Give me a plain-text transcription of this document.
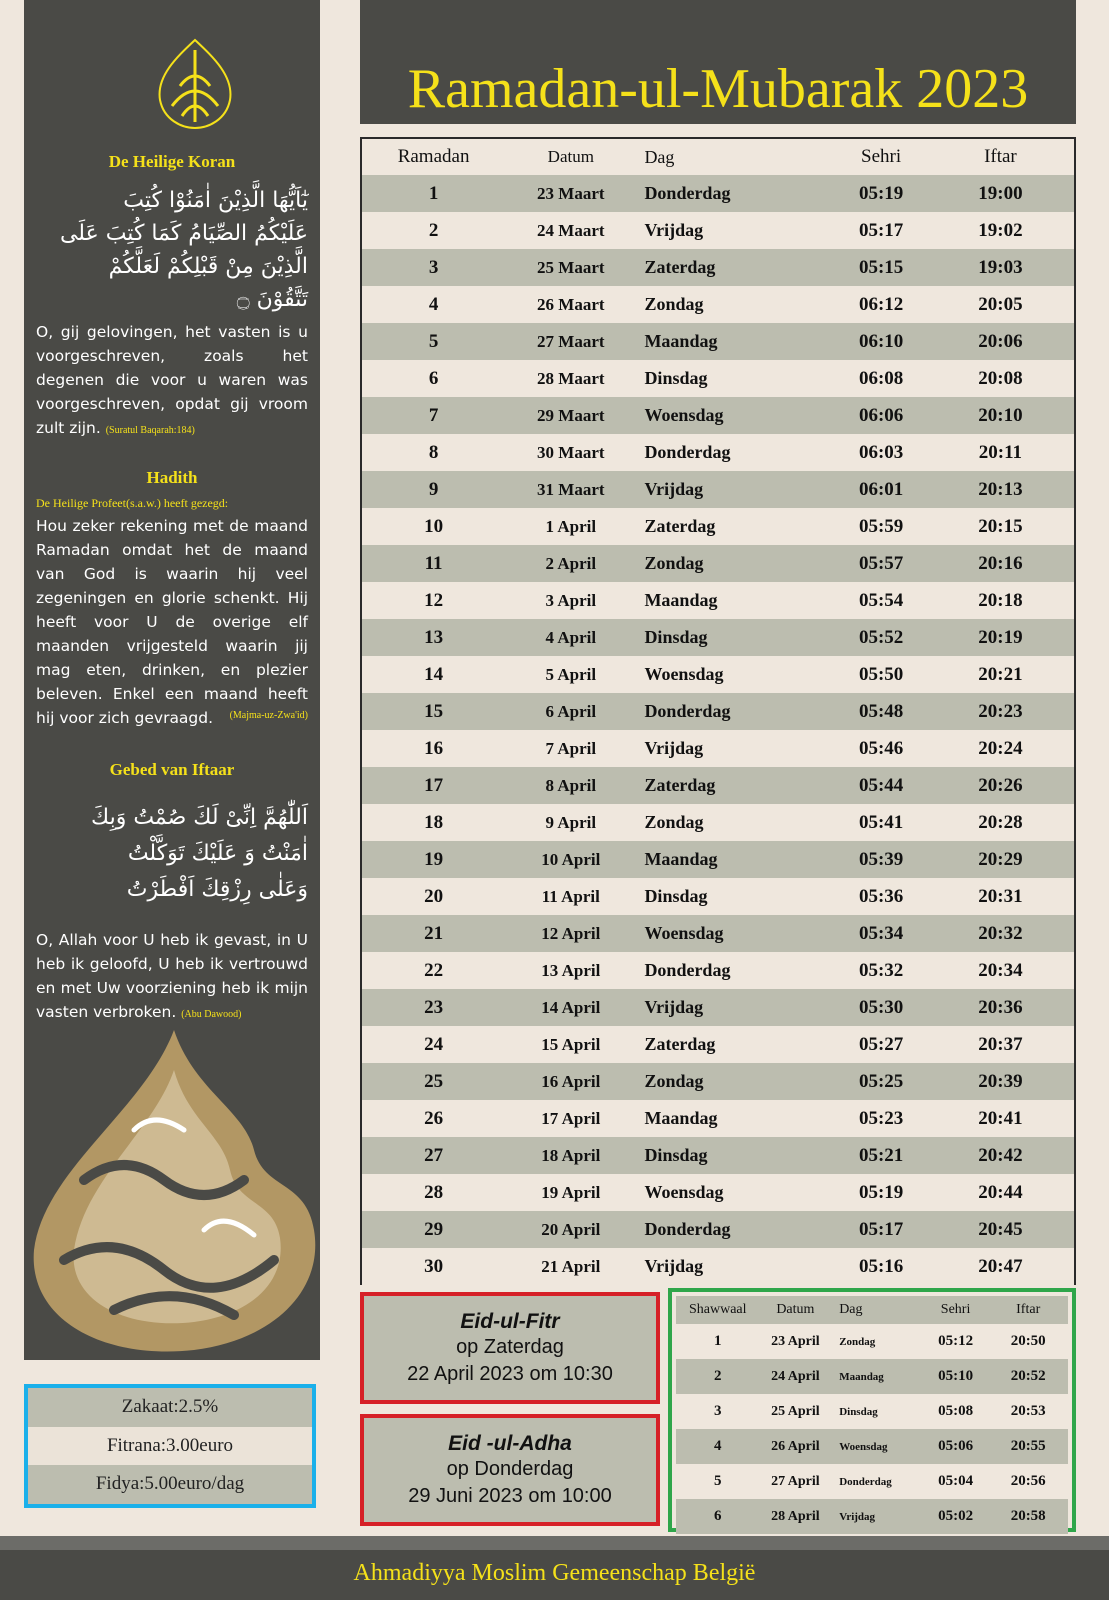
De Heilige Koran
يٰٓاَيُّهَا الَّذِيْنَ اٰمَنُوْا كُتِبَ
عَلَيْكُمُ الصِّيَامُ كَمَا كُتِبَ عَلَى
الَّذِيْنَ مِنْ قَبْلِكُمْ لَعَلَّكُمْ
تَتَّقُوْنَ ۝
O, gij gelovingen, het vasten is u voorgeschreven, zoals het degenen die voor u waren was voorgeschreven, opdat gij vroom zult zijn. (Suratul Baqarah:184)
Hadith
De Heilige Profeet(s.a.w.) heeft gezegd:
Hou zeker rekening met de maand Ramadan omdat het de maand van God is waarin hij veel zegeningen en glorie schenkt. Hij heeft voor U de overige elf maanden vrijgesteld waarin jij mag eten, drinken, en plezier beleven. Enkel een maand heeft hij voor zich gevraagd.	(Majma-uz-Zwa'id)
Gebed van Iftaar
اَللّٰهُمَّ اِنِّیْ لَكَ صُمْتُ وَبِكَ
اٰمَنْتُ وَ عَلَيْكَ تَوَكَّلْتُ
وَعَلٰی رِزْقِكَ اَفْطَرْتُ
O, Allah voor U heb ik gevast, in U heb ik geloofd, U heb ik vertrouwd en met Uw voorziening heb ik mijn vasten verbroken. (Abu Dawood)
Zakaat:2.5%
Fitrana:3.00euro
Fidya:5.00euro/dag
Ramadan-ul-Mubarak 2023
Ramadan	Datum	Dag	Sehri	Iftar
1	23 Maart	Donderdag	05:19	19:00
2	24 Maart	Vrijdag	05:17	19:02
3	25 Maart	Zaterdag	05:15	19:03
4	26 Maart	Zondag	06:12	20:05
5	27 Maart	Maandag	06:10	20:06
6	28 Maart	Dinsdag	06:08	20:08
7	29 Maart	Woensdag	06:06	20:10
8	30 Maart	Donderdag	06:03	20:11
9	31 Maart	Vrijdag	06:01	20:13
10	1 April	Zaterdag	05:59	20:15
11	2 April	Zondag	05:57	20:16
12	3 April	Maandag	05:54	20:18
13	4 April	Dinsdag	05:52	20:19
14	5 April	Woensdag	05:50	20:21
15	6 April	Donderdag	05:48	20:23
16	7 April	Vrijdag	05:46	20:24
17	8 April	Zaterdag	05:44	20:26
18	9 April	Zondag	05:41	20:28
19	10 April	Maandag	05:39	20:29
20	11 April	Dinsdag	05:36	20:31
21	12 April	Woensdag	05:34	20:32
22	13 April	Donderdag	05:32	20:34
23	14 April	Vrijdag	05:30	20:36
24	15 April	Zaterdag	05:27	20:37
25	16 April	Zondag	05:25	20:39
26	17 April	Maandag	05:23	20:41
27	18 April	Dinsdag	05:21	20:42
28	19 April	Woensdag	05:19	20:44
29	20 April	Donderdag	05:17	20:45
30	21 April	Vrijdag	05:16	20:47
Eid-ul-Fitr
op Zaterdag
22 April 2023 om 10:30
Eid -ul-Adha
op Donderdag
29 Juni 2023 om 10:00
Shawwaal	Datum	Dag	Sehri	Iftar
1	23 April	Zondag	05:12	20:50
2	24 April	Maandag	05:10	20:52
3	25 April	Dinsdag	05:08	20:53
4	26 April	Woensdag	05:06	20:55
5	27 April	Donderdag	05:04	20:56
6	28 April	Vrijdag	05:02	20:58
Ahmadiyya Moslim Gemeenschap België
